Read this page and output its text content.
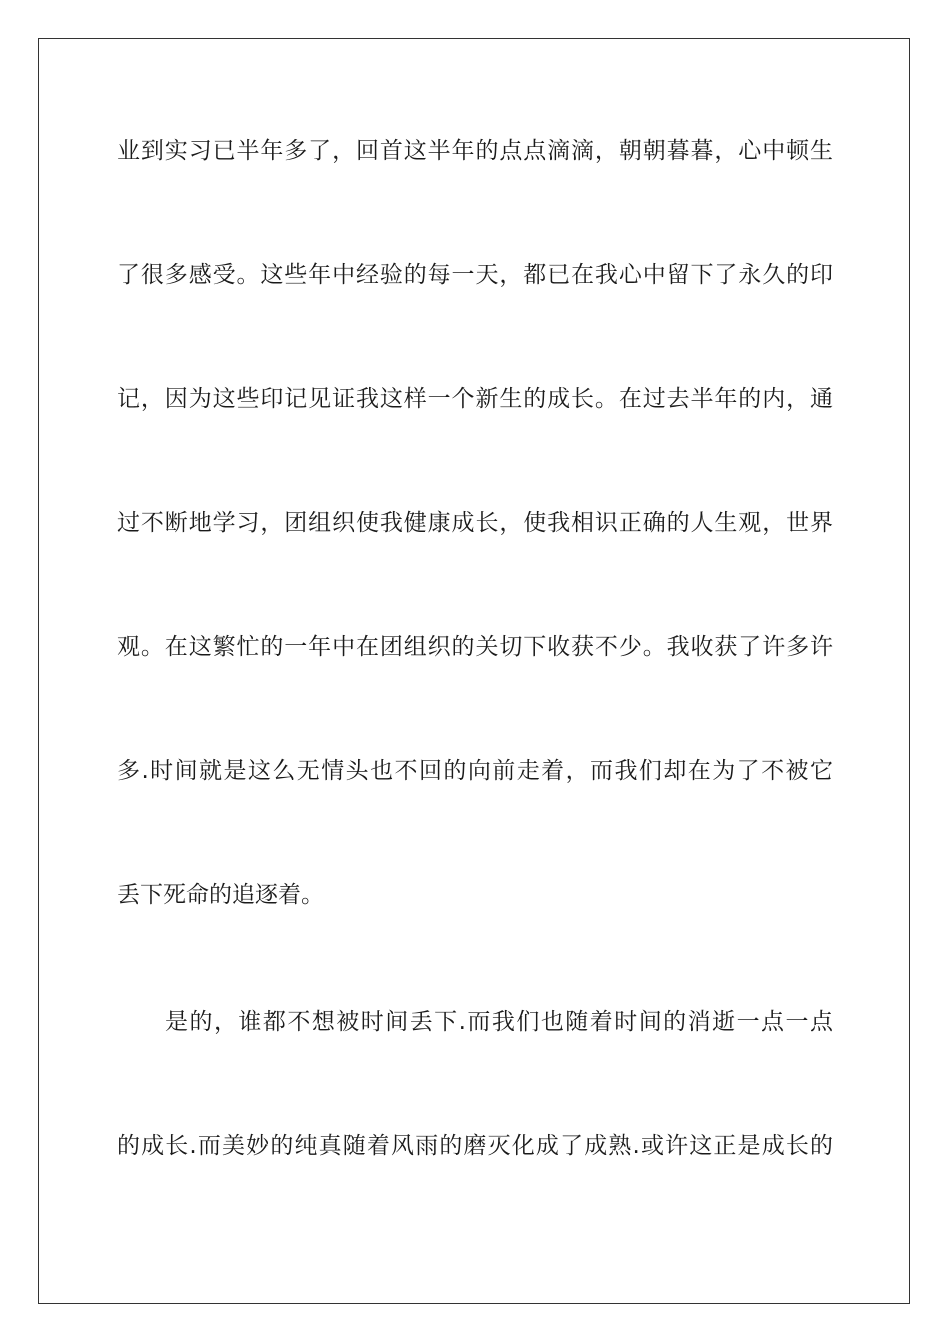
业到实习已半年多了，回首这半年的点点滴滴，朝朝暮暮，心中顿生
了很多感受。这些年中经验的每一天，都已在我心中留下了永久的印
记，因为这些印记见证我这样一个新生的成长。在过去半年的内，通
过不断地学习，团组织使我健康成长，使我相识正确的人生观，世界
观。在这繁忙的一年中在团组织的关切下收获不少。我收获了许多许
多.时间就是这么无情头也不回的向前走着，而我们却在为了不被它
丢下死命的追逐着。
是的，谁都不想被时间丢下.而我们也随着时间的消逝一点一点
的成长.而美妙的纯真随着风雨的磨灭化成了成熟.或许这正是成长的
